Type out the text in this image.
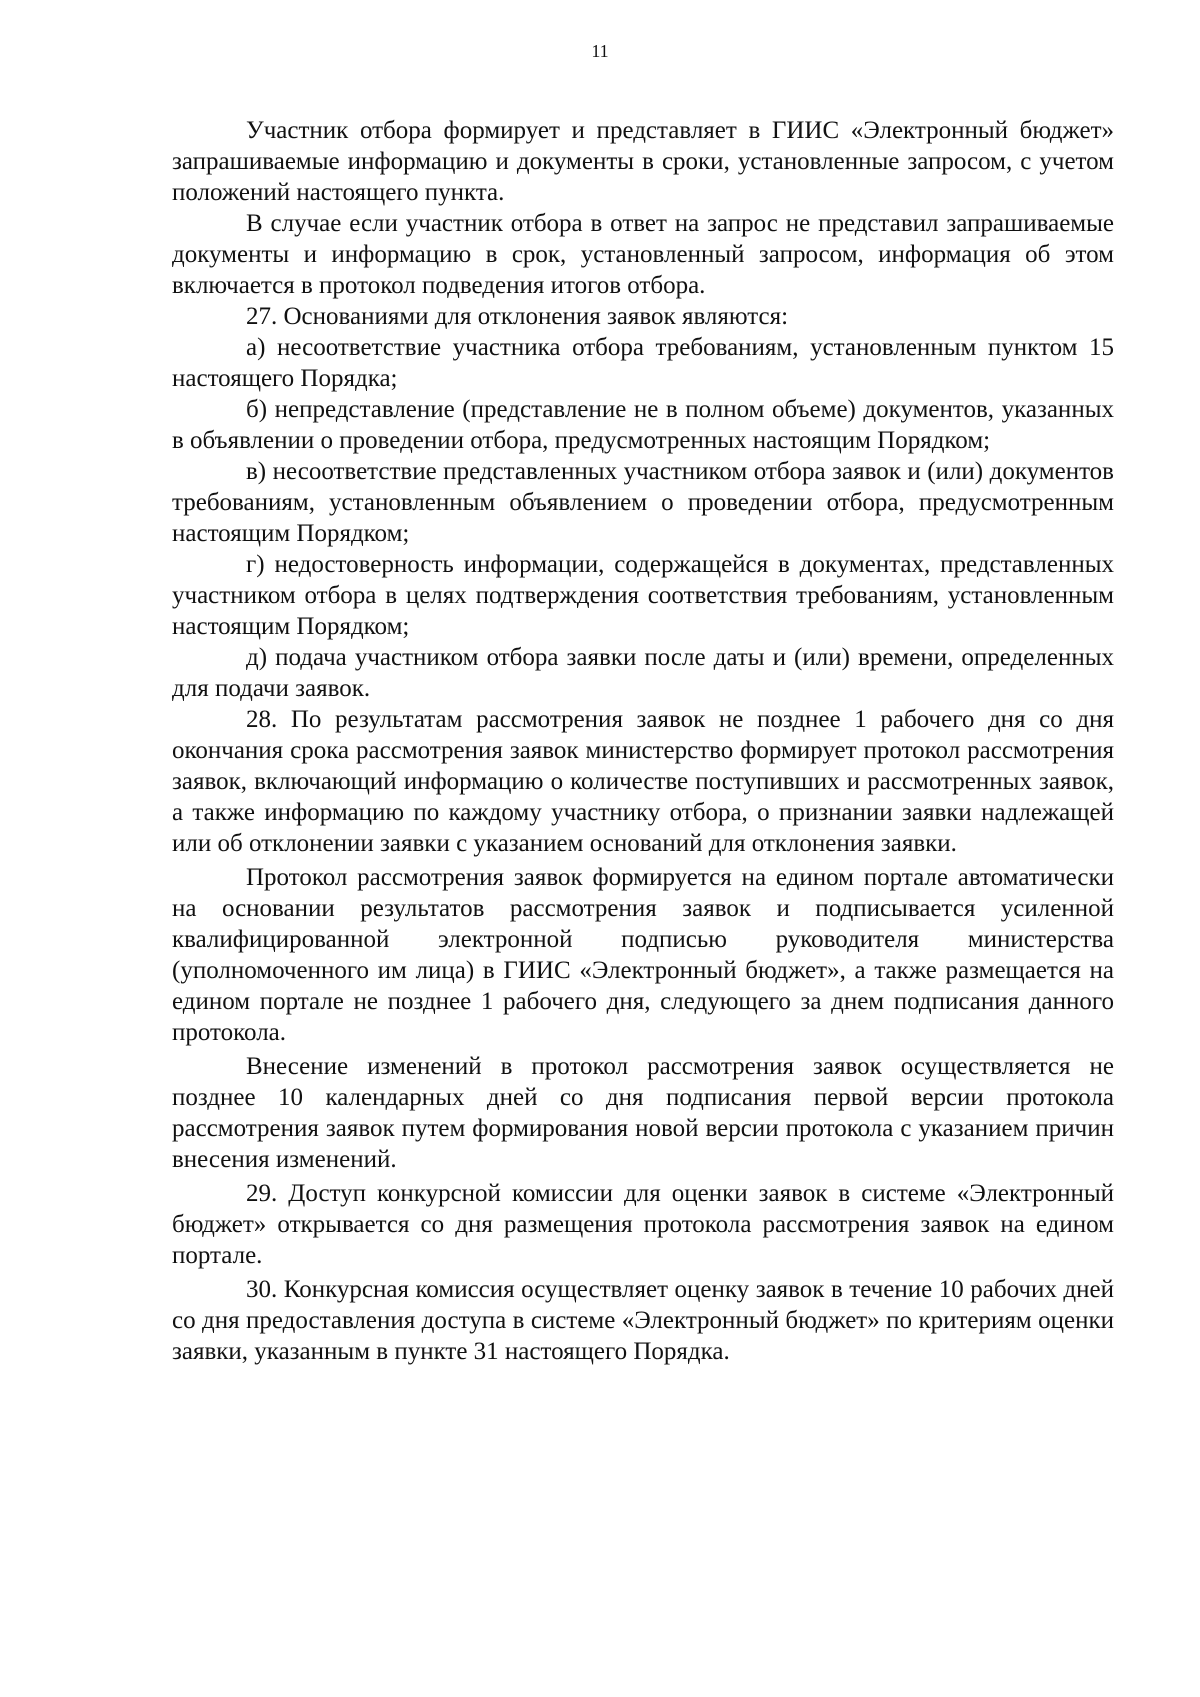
11

Участник отбора формирует и представляет в ГИИС «Электронный бюджет» запрашиваемые информацию и документы в сроки, установленные запросом, с учетом положений настоящего пункта.

В случае если участник отбора в ответ на запрос не представил запрашиваемые документы и информацию в срок, установленный запросом, информация об этом включается в протокол подведения итогов отбора.

27. Основаниями для отклонения заявок являются:

а) несоответствие участника отбора требованиям, установленным пунктом 15 настоящего Порядка;

б) непредставление (представление не в полном объеме) документов, указанных в объявлении о проведении отбора, предусмотренных настоящим Порядком;

в) несоответствие представленных участником отбора заявок и (или) документов требованиям, установленным объявлением о проведении отбора, предусмотренным настоящим Порядком;

г) недостоверность информации, содержащейся в документах, представленных участником отбора в целях подтверждения соответствия требованиям, установленным настоящим Порядком;

д) подача участником отбора заявки после даты и (или) времени, определенных для подачи заявок.

28. По результатам рассмотрения заявок не позднее 1 рабочего дня со дня окончания срока рассмотрения заявок министерство формирует протокол рассмотрения заявок, включающий информацию о количестве поступивших и рассмотренных заявок, а также информацию по каждому участнику отбора, о признании заявки надлежащей или об отклонении заявки с указанием оснований для отклонения заявки.

Протокол рассмотрения заявок формируется на едином портале автоматически на основании результатов рассмотрения заявок и подписывается усиленной квалифицированной электронной подписью руководителя министерства (уполномоченного им лица) в ГИИС «Электронный бюджет», а также размещается на едином портале не позднее 1 рабочего дня, следующего за днем подписания данного протокола.

Внесение изменений в протокол рассмотрения заявок осуществляется не позднее 10 календарных дней со дня подписания первой версии протокола рассмотрения заявок путем формирования новой версии протокола с указанием причин внесения изменений.

29. Доступ конкурсной комиссии для оценки заявок в системе «Электронный бюджет» открывается со дня размещения протокола рассмотрения заявок на едином портале.

30. Конкурсная комиссия осуществляет оценку заявок в течение 10 рабочих дней со дня предоставления доступа в системе «Электронный бюджет» по критериям оценки заявки, указанным в пункте 31 настоящего Порядка.
